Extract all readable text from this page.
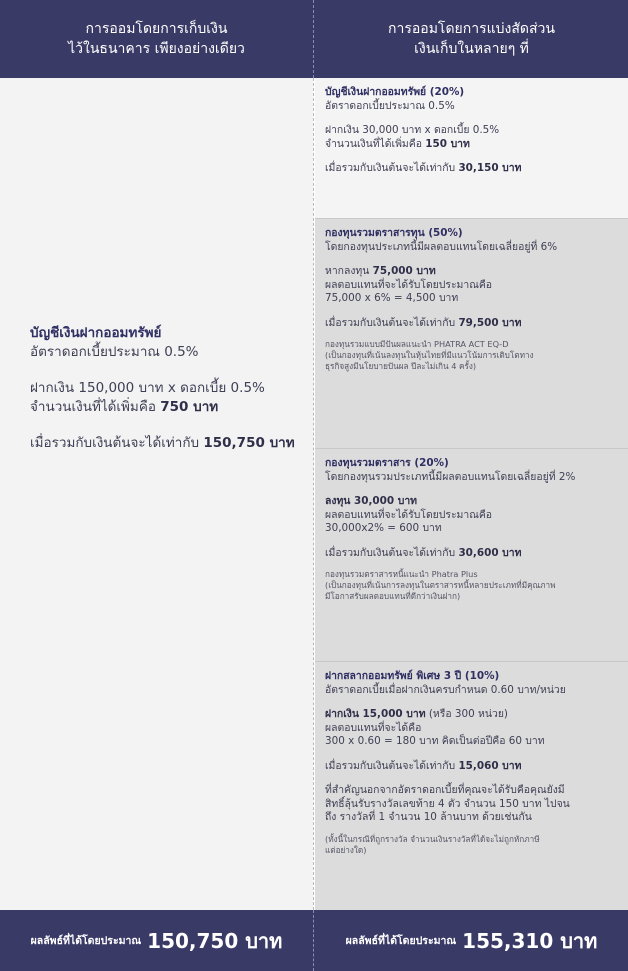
การออมโดยการเก็บเงิน
ไว้ในธนาคาร เพียงอย่างเดียว
การออมโดยการแบ่งสัดส่วน
เงินเก็บในหลายๆ ที่

บัญชีเงินฝากออมทรัพย์

อัตราดอกเบี้ยประมาณ 0.5%

ฝากเงิน 150,000 บาท x ดอกเบี้ย 0.5%

จำนวนเงินที่ได้เพิ่มคือ 750 บาท

เมื่อรวมกับเงินต้นจะได้เท่ากับ 150,750 บาท

บัญชีเงินฝากออมทรัพย์ (20%)

อัตราดอกเบี้ยประมาณ 0.5%

ฝากเงิน 30,000 บาท x ดอกเบี้ย 0.5%

จำนวนเงินที่ได้เพิ่มคือ 150 บาท

เมื่อรวมกับเงินต้นจะได้เท่ากับ 30,150 บาท

กองทุนรวมตราสารทุน (50%)

โดยกองทุนประเภทนี้มีผลตอบแทนโดยเฉลี่ยอยู่ที่ 6%

หากลงทุน 75,000 บาท

ผลตอบแทนที่จะได้รับโดยประมาณคือ

75,000 x 6% = 4,500 บาท

เมื่อรวมกับเงินต้นจะได้เท่ากับ 79,500 บาท

กองทุนรวมแบบมีปันผลแนะนำ PHATRA ACT EQ-D

(เป็นกองทุนที่เน้นลงทุนในหุ้นไทยที่มีแนวโน้มการเติบโตทาง

ธุรกิจสูงมีนโยบายปันผล ปีละไม่เกิน 4 ครั้ง)

กองทุนรวมตราสาร (20%)

โดยกองทุนรวมประเภทนี้มีผลตอบแทนโดยเฉลี่ยอยู่ที่ 2%

ลงทุน 30,000 บาท

ผลตอบแทนที่จะได้รับโดยประมาณคือ

30,000x2% = 600 บาท

เมื่อรวมกับเงินต้นจะได้เท่ากับ 30,600 บาท

กองทุนรวมตราสารหนี้แนะนำ Phatra Plus

(เป็นกองทุนที่เน้นการลงทุนในตราสารหนี้หลายประเภทที่มีคุณภาพ

มีโอกาสรับผลตอบแทนที่ดีกว่าเงินฝาก)

ฝากสลากออมทรัพย์ พิเศษ 3 ปี (10%)

อัตราดอกเบี้ยเมื่อฝากเงินครบกำหนด 0.60 บาท/หน่วย

ฝากเงิน 15,000 บาท (หรือ 300 หน่วย)

ผลตอบแทนที่จะได้คือ

300 x 0.60 = 180 บาท คิดเป็นต่อปีคือ 60 บาท

เมื่อรวมกับเงินต้นจะได้เท่ากับ 15,060 บาท

ที่สำคัญนอกจากอัตราดอกเบี้ยที่คุณจะได้รับคือคุณยังมี

สิทธิ์ลุ้นรับรางวัลเลขท้าย 4 ตัว จำนวน 150 บาท ไปจน

ถึง รางวัลที่ 1 จำนวน 10 ล้านบาท ด้วยเช่นกัน

(ทั้งนี้ในกรณีที่ถูกรางวัล จำนวนเงินรางวัลที่ได้จะไม่ถูกหักภาษี

แต่อย่างใด)

ผลลัพธ์ที่ได้โดยประมาณ 150,750 บาท	ผลลัพธ์ที่ได้โดยประมาณ 155,310 บาท
